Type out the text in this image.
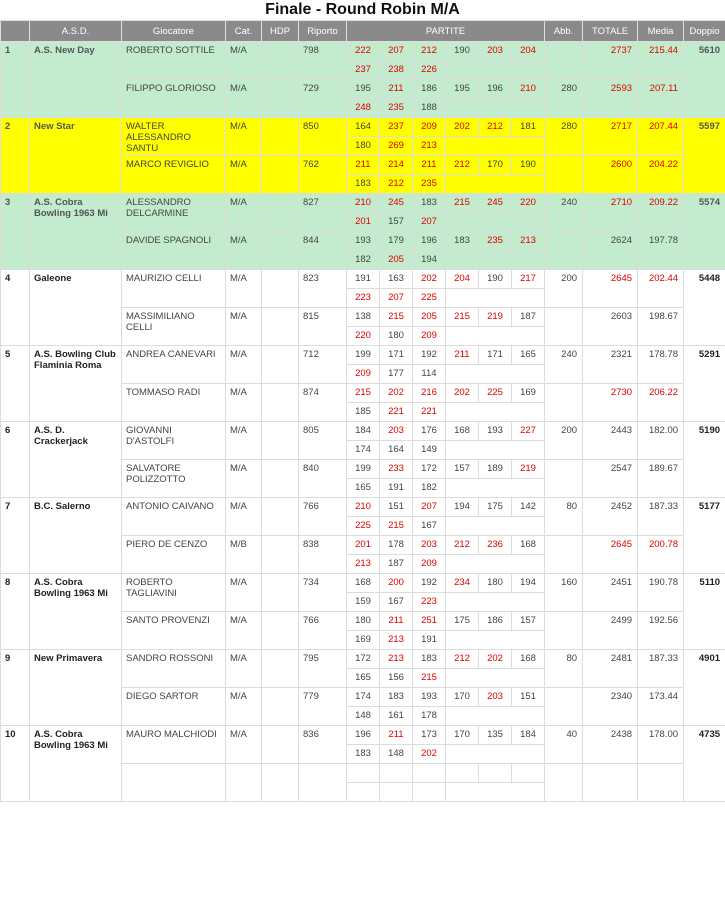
Finale - Round Robin M/A
	A.S.D.	Giocatore	Cat.	HDP	Riporto	PARTITE						Abb.	TOTALE	Media	Doppio
1	A.S. New Day	ROBERTO SOTTILE	M/A		798	222	207	212	190	203	204		2737	215.44	5610
						237	238	226							
		FILIPPO GLORIOSO	M/A		729	195	211	186	195	196	210	280	2593	207.11	
						248	235	188							
2	New Star	WALTER ALESSANDRO SANTU	M/A		850	164	237	209	202	212	181	280	2717	207.44	5597
						180	269	213							
		MARCO REVIGLIO	M/A		762	211	214	211	212	170	190		2600	204.22	
						183	212	235							
3	A.S. Cobra Bowling 1963 Mi	ALESSANDRO DELCARMINE	M/A		827	210	245	183	215	245	220	240	2710	209.22	5574
						201	157	207							
		DAVIDE SPAGNOLI	M/A		844	193	179	196	183	235	213		2624	197.78	
						182	205	194							
4	Galeone	MAURIZIO CELLI	M/A		823	191	163	202	204	190	217	200	2645	202.44	5448
						223	207	225							
		MASSIMILIANO CELLI	M/A		815	138	215	205	215	219	187		2603	198.67	
						220	180	209							
5	A.S. Bowling Club Flaminia Roma	ANDREA CANEVARI	M/A		712	199	171	192	211	171	165	240	2321	178.78	5291
						209	177	114							
		TOMMASO RADI	M/A		874	215	202	216	202	225	169		2730	206.22	
						185	221	221							
6	A.S. D. Crackerjack	GIOVANNI D'ASTOLFI	M/A		805	184	203	176	168	193	227	200	2443	182.00	5190
						174	164	149							
		SALVATORE POLIZZOTTO	M/A		840	199	233	172	157	189	219		2547	189.67	
						165	191	182							
7	B.C. Salerno	ANTONIO CAIVANO	M/A		766	210	151	207	194	175	142	80	2452	187.33	5177
						225	215	167							
		PIERO DE CENZO	M/B		838	201	178	203	212	236	168		2645	200.78	
						213	187	209							
8	A.S. Cobra Bowling 1963 Mi	ROBERTO TAGLIAVINI	M/A		734	168	200	192	234	180	194	160	2451	190.78	5110
						159	167	223							
		SANTO PROVENZI	M/A		766	180	211	251	175	186	157		2499	192.56	
						169	213	191							
9	New Primavera	SANDRO ROSSONI	M/A		795	172	213	183	212	202	168	80	2481	187.33	4901
						165	156	215							
		DIEGO SARTOR	M/A		779	174	183	193	170	203	151		2340	173.44	
						148	161	178							
10	A.S. Cobra Bowling 1963 Mi	MAURO MALCHIODI	M/A		836	196	211	173	170	135	184	40	2438	178.00	4735
						183	148	202							
